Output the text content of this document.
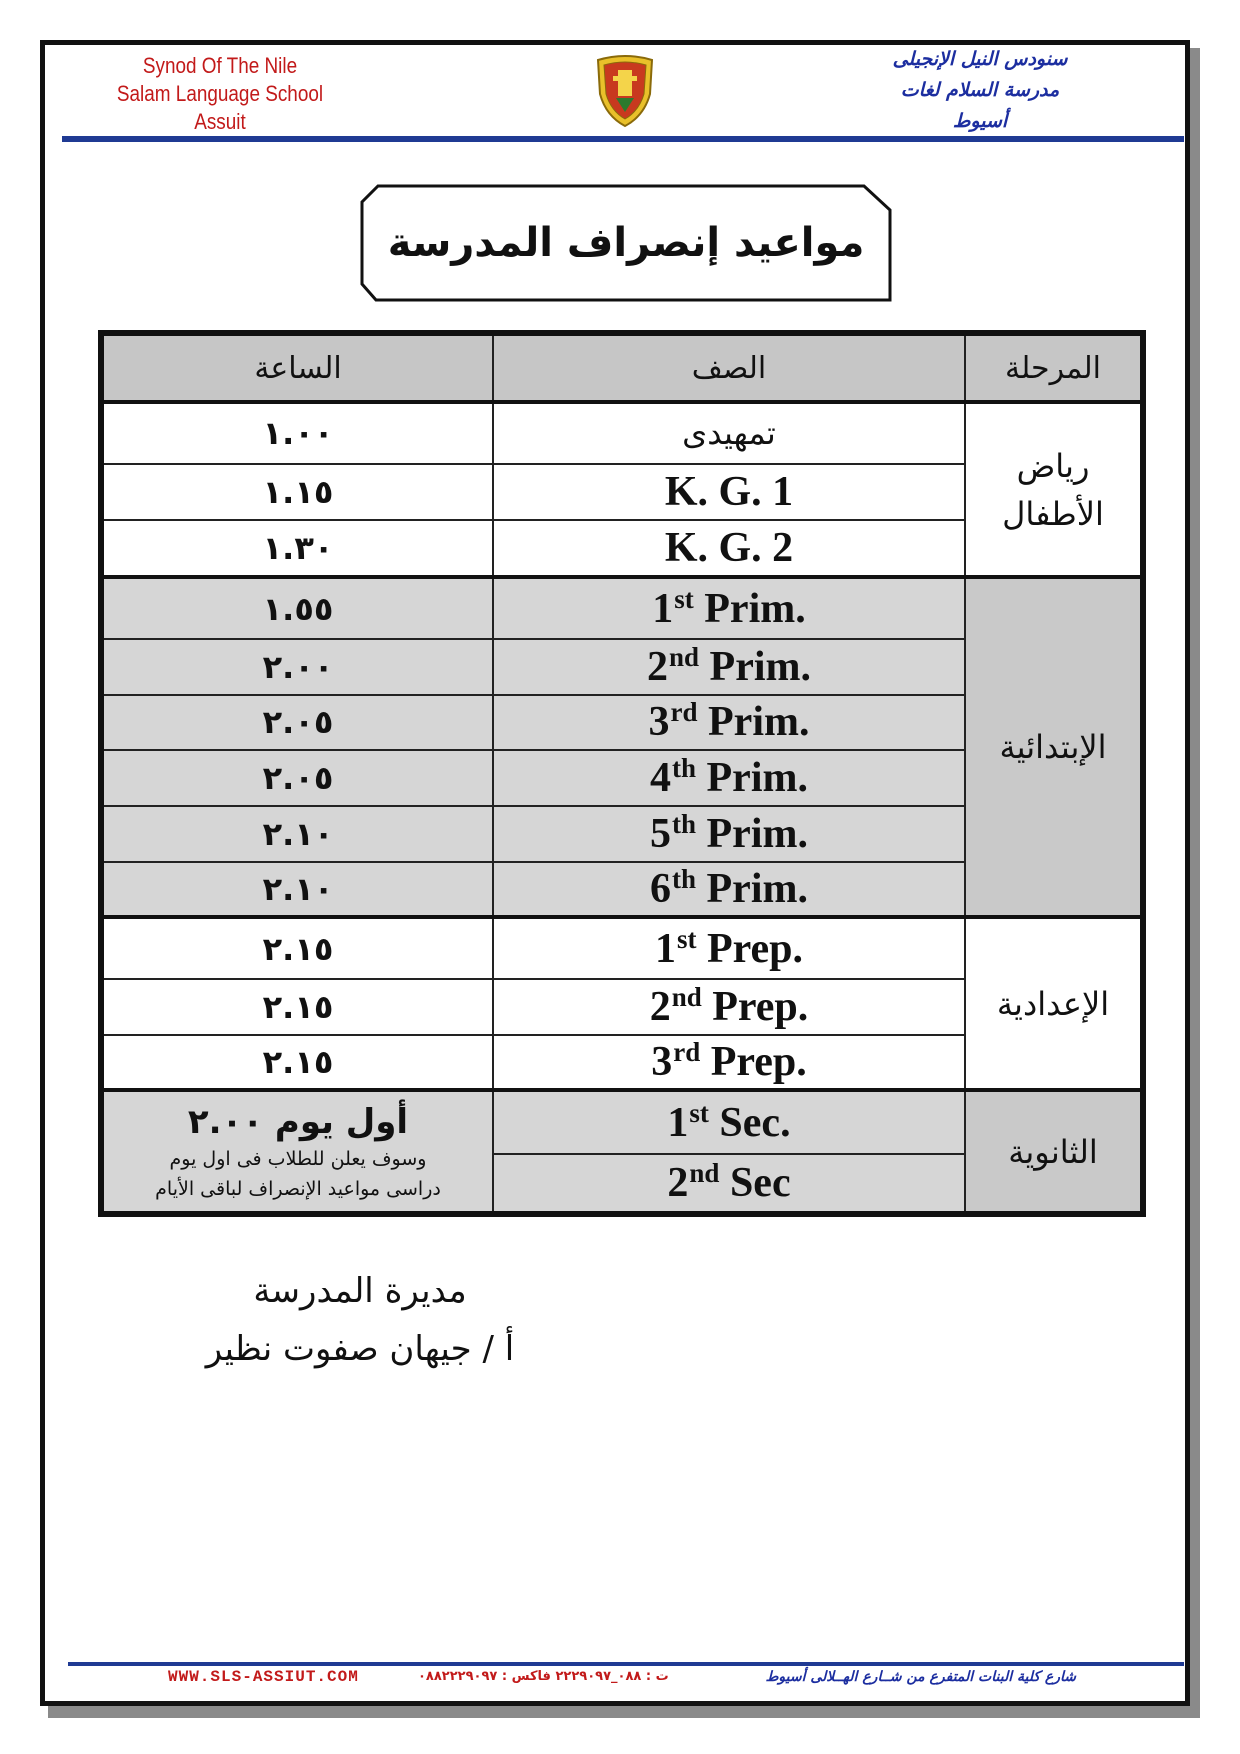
Synod Of The Nile
Salam Language School
Assuit
سنودس النيل الإنجيلى
مدرسة السلام لغات
أسيوط
مواعيد إنصراف المدرسة
المرحلة	الصف	الساعة

رياض
الأطفال	تمهيدى	١.٠٠
	K. G. 1	١.١٥
	K. G. 2	١.٣٠
الإبتدائية	1st Prim.	١.٥٥
	2nd Prim.	٢.٠٠
	3rd Prim.	٢.٠٥
	4th Prim.	٢.٠٥
	5th Prim.	٢.١٠
	6th Prim.	٢.١٠
الإعدادية	1st Prep.	٢.١٥
	2nd Prep.	٢.١٥
	3rd Prep.	٢.١٥
الثانوية	1st Sec.	أول يوم ٢.٠٠
وسوف يعلن للطلاب فى اول يوم
دراسى مواعيد الإنصراف لباقى الأيام

	2nd Sec	
مديرة المدرسة
أ / جيهان صفوت نظير
WWW.SLS-ASSIUT.COM	ت : ٠٨٨_٢٢٢٩٠٩٧ فاكس : ٠٨٨٢٢٢٩٠٩٧	شارع كلية البنات المتفرع من شــارع الهــلالى أسيوط
